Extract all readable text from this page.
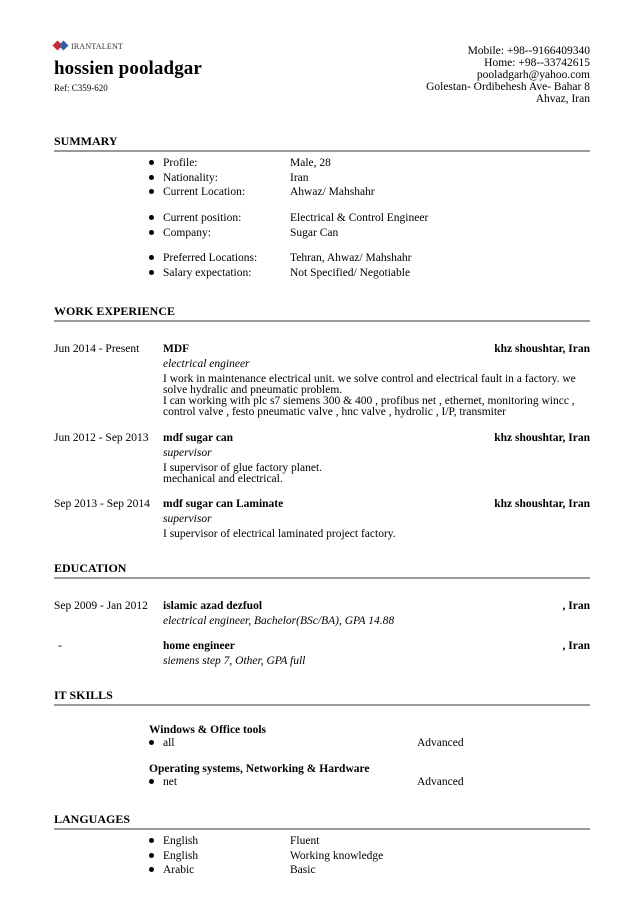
IRANTALENT
hossien pooladgar
Ref: C359-620
Mobile: +98--9166409340
Home: +98--33742615
pooladgarh@yahoo.com
Golestan- Ordibehesh Ave- Bahar 8
Ahvaz, Iran
SUMMARY
Profile:	Male, 28
Nationality:	Iran
Current Location:	Ahwaz/ Mahshahr
Current position:	Electrical & Control Engineer
Company:	Sugar Can
Preferred Locations:	Tehran, Ahwaz/ Mahshahr
Salary expectation:	Not Specified/ Negotiable
WORK EXPERIENCE
Jun 2014 - Present MDF	khz shoushtar, Iran
electrical engineer
I work in maintenance electrical unit. we solve control and electrical fault in a factory. we
solve hydralic and pneumatic problem.
I can working with plc s7 siemens 300 & 400 , profibus net , ethernet, monitoring wincc ,
control valve , festo pneumatic valve , hnc valve , hydrolic , I/P, transmiter
Jun 2012 - Sep 2013 mdf sugar can	khz shoushtar, Iran
supervisor
I supervisor of glue factory planet.
mechanical and electrical.
Sep 2013 - Sep 2014 mdf sugar can Laminate	khz shoushtar, Iran
supervisor
I supervisor of electrical laminated project factory.
EDUCATION
Sep 2009 - Jan 2012 islamic azad dezfuol	, Iran
electrical engineer, Bachelor(BSc/BA), GPA 14.88
-	home engineer	, Iran
siemens step 7, Other, GPA full
IT SKILLS
Windows & Office tools
all	Advanced
Operating systems, Networking & Hardware
net	Advanced
LANGUAGES
English	Fluent
English	Working knowledge
Arabic	Basic
